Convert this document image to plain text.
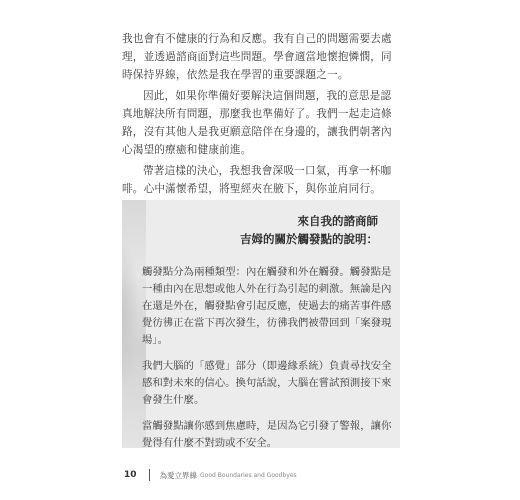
我也會有不健康的行為和反應。我有自己的問題需要去處理，並透過諮商面對這些問題。學會適當地懷抱憐憫，同時保持界線，依然是我在學習的重要課題之一。

因此，如果你準備好要解決這個問題，我的意思是認真地解決所有問題，那麼我也準備好了。我們一起走這條路，沒有其他人是我更願意陪伴在身邊的，讓我們朝著內心渴望的療癒和健康前進。

帶著這樣的決心，我想我會深吸一口氣，再拿一杯咖啡。心中滿懷希望，將聖經夾在腋下，與你並肩同行。

來自我的諮商師
吉姆的關於觸發點的說明：

觸發點分為兩種類型：內在觸發和外在觸發。觸發點是一種由內在思想或他人外在行為引起的刺激。無論是內在還是外在，觸發點會引起反應，使過去的痛苦事件感覺彷彿正在當下再次發生，彷彿我們被帶回到「案發現場」。

我們大腦的「感覺」部分（即邊緣系統）負責尋找安全感和對未來的信心。換句話說，大腦在嘗試預測接下來會發生什麼。

當觸發點讓你感到焦慮時，是因為它引發了警報，讓你覺得有什麼不對勁或不安全。

10	為愛立界線 Good Boundaries and Goodbyes
